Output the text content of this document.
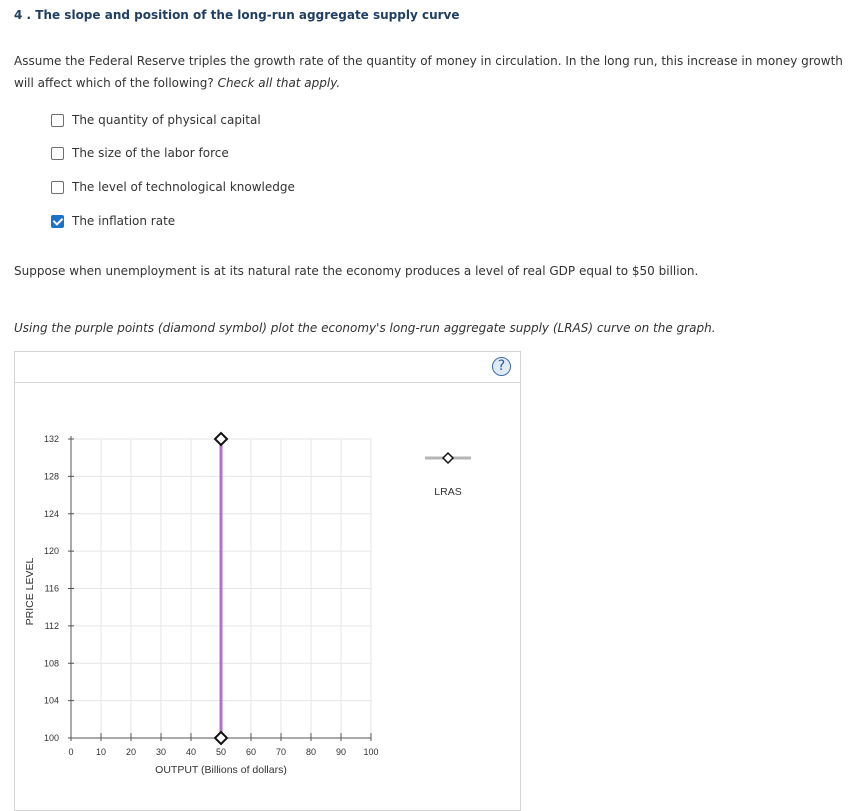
4 . The slope and position of the long-run aggregate supply curve
Assume the Federal Reserve triples the growth rate of the quantity of money in circulation. In the long run, this increase in money growth will affect which of the following? Check all that apply.
The quantity of physical capital
The size of the labor force
The level of technological knowledge
The inflation rate
Suppose when unemployment is at its natural rate the economy produces a level of real GDP equal to $50 billion.
Using the purple points (diamond symbol) plot the economy's long-run aggregate supply (LRAS) curve on the graph.
?
100
104
108
112
116
120
124
128
132
0 10 20 30 40 50 60 70 80 90 100
OUTPUT (Billions of dollars)
PRICE LEVEL
LRAS
